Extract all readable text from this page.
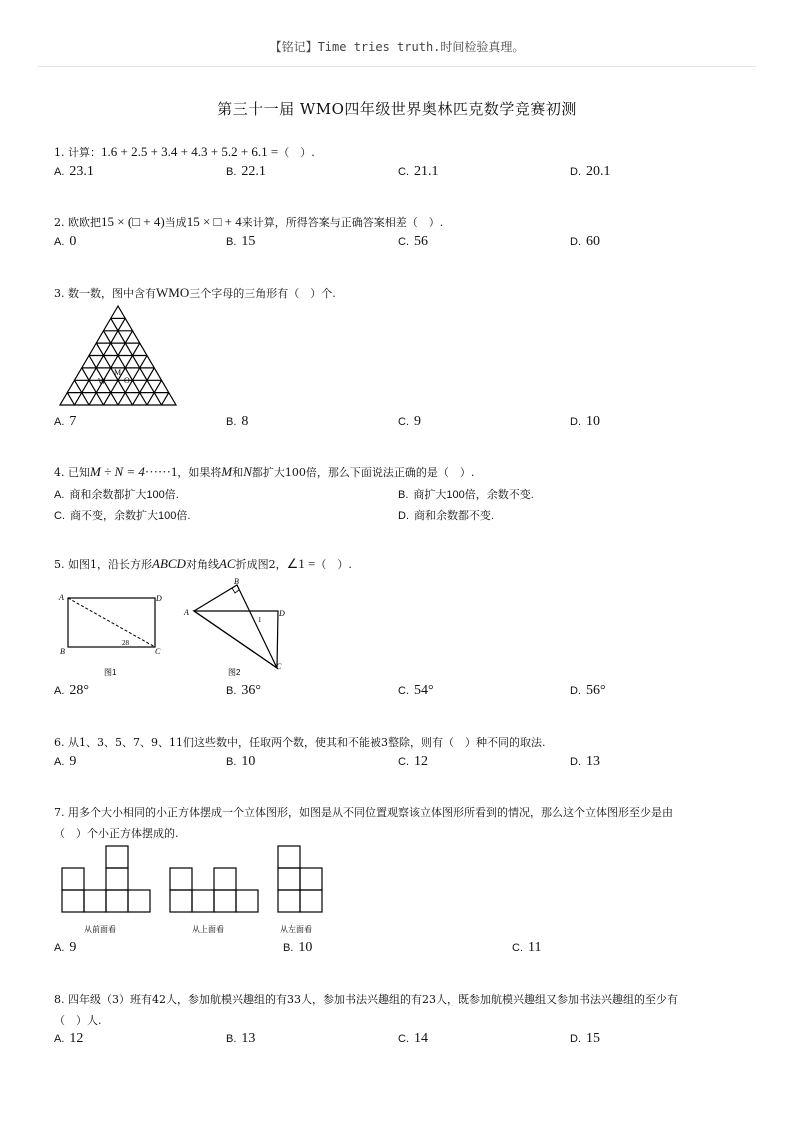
【铭记】Time tries truth.时间检验真理。
第三十一届 WMO四年级世界奥林匹克数学竞赛初测
1. 计算：1.6 + 2.5 + 3.4 + 4.3 + 5.2 + 6.1 =（　）.
A. 23.1	B. 22.1	C. 21.1	D. 20.1
2. 欧欧把15 × (□ + 4)当成15 × □ + 4来计算，所得答案与正确答案相差（　）.
A. 0	B. 15	C. 56	D. 60
3. 数一数，图中含有WMO三个字母的三角形有（　）个.
M
W O
A. 7	B. 8	C. 9	D. 10
4. 已知M ÷ N = 4······1，如果将M和N都扩大100倍，那么下面说法正确的是（　）.
A. 商和余数都扩大100倍.	B. 商扩大100倍，余数不变.
C. 商不变，余数扩大100倍.	D. 商和余数都不变.
5. 如图1，沿长方形ABCD对角线AC折成图2，∠1 =（　）.
A	D
B	C
28
图1
A
B
D
C
1
图2
A. 28°	B. 36°	C. 54°	D. 56°
6. 从1、3、5、7、9、11们这些数中，任取两个数，使其和不能被3整除，则有（　）种不同的取法.
A. 9	B. 10	C. 12	D. 13
7. 用多个大小相同的小正方体摆成一个立体图形，如图是从不同位置观察该立体图形所看到的情况，那么这个立体图形至少是由
（　）个小正方体摆成的.
从前面看	从上面看	从左面看
A. 9	B. 10	C. 11
8. 四年级（3）班有42人，参加航模兴趣组的有33人，参加书法兴趣组的有23人，既参加航模兴趣组又参加书法兴趣组的至少有
（　）人.
A. 12	B. 13	C. 14	D. 15
